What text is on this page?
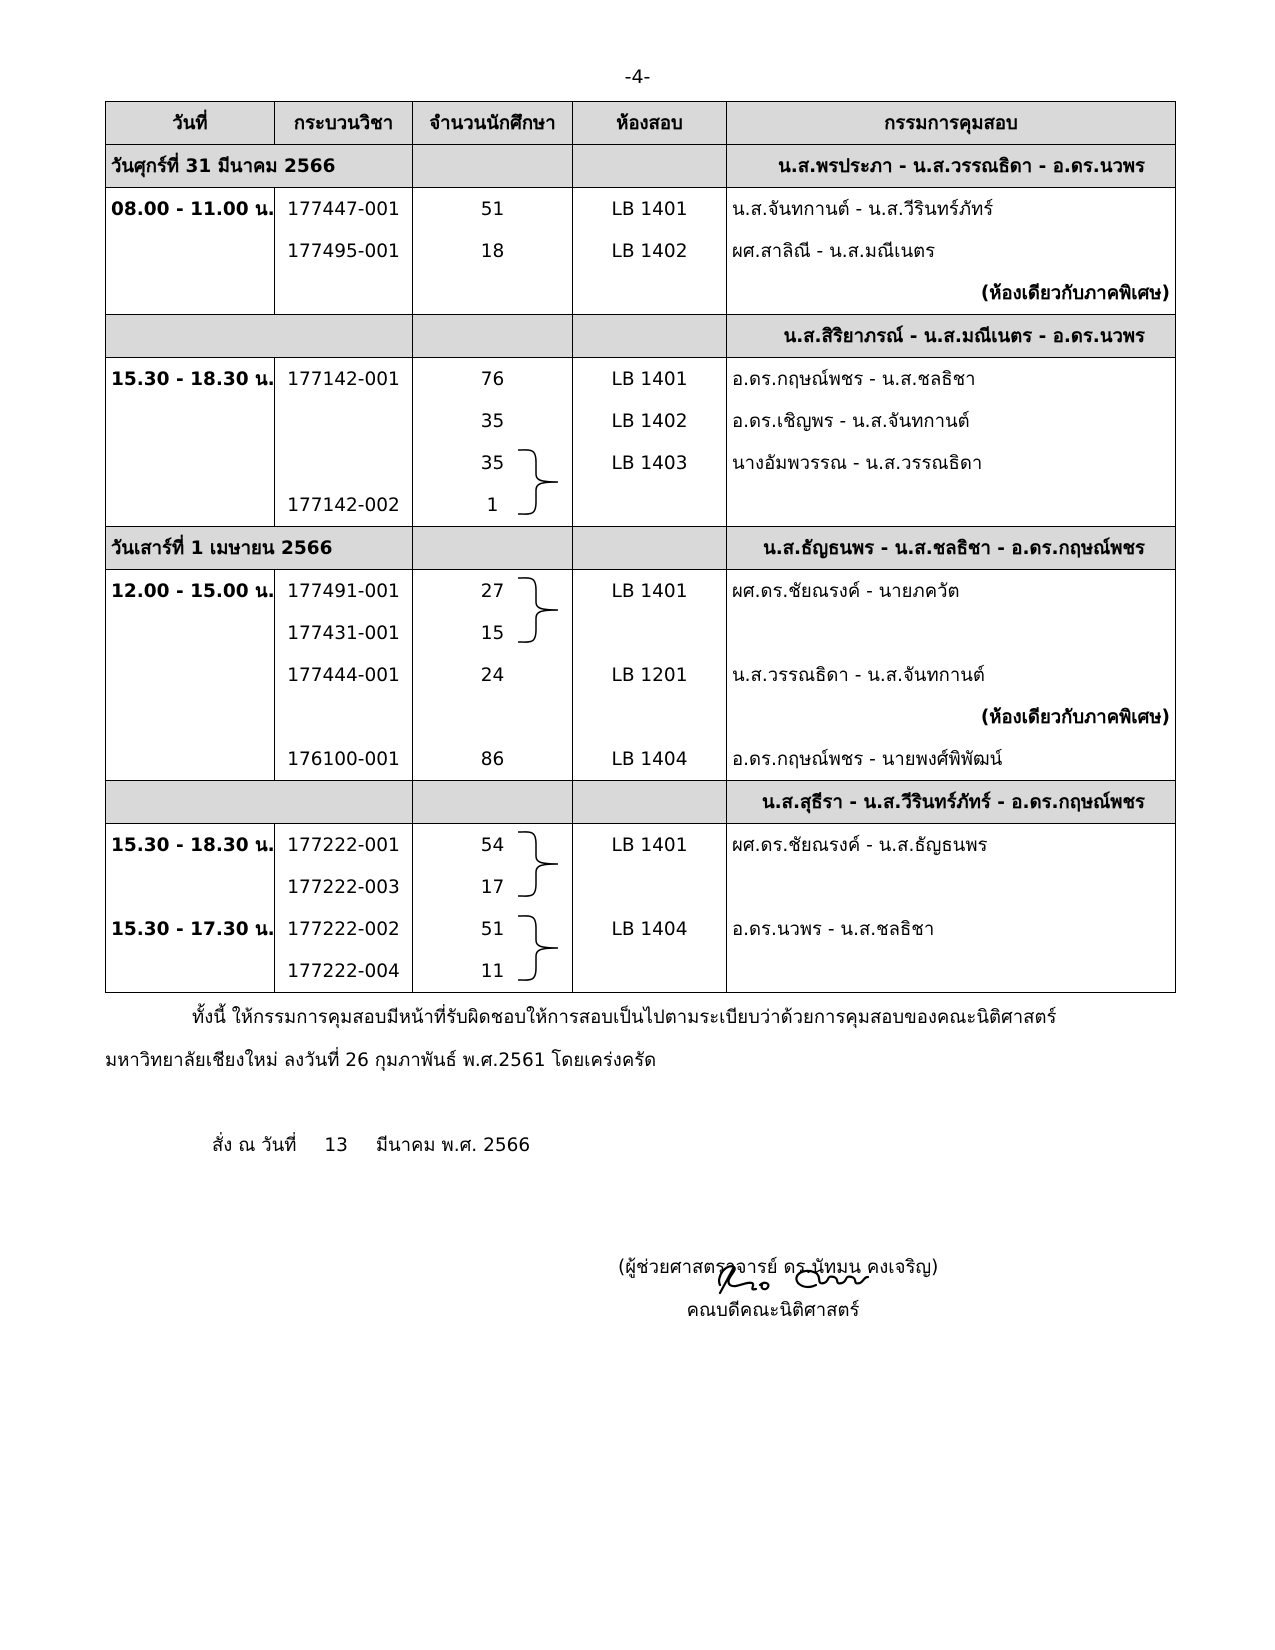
-4-
วันที่	กระบวนวิชา	จำนวนนักศึกษา	ห้องสอบ	กรรมการคุมสอบ
วันศุกร์ที่ 31 มีนาคม 2566				น.ส.พรประภา - น.ส.วรรณธิดา - อ.ดร.นวพร
08.00 - 11.00 น.	177447-001	51	LB 1401	น.ส.จันทกานต์ - น.ส.วีรินทร์ภัทร์
	177495-001	18	LB 1402	ผศ.สาลิณี - น.ส.มณีเนตร
				(ห้องเดียวกับภาคพิเศษ)
				น.ส.สิริยาภรณ์ - น.ส.มณีเนตร - อ.ดร.นวพร
15.30 - 18.30 น.	177142-001	76	LB 1401	อ.ดร.กฤษณ์พชร - น.ส.ชลธิชา
		35	LB 1402	อ.ดร.เชิญพร - น.ส.จันทกานต์
		35	LB 1403	นางอัมพวรรณ - น.ส.วรรณธิดา
	177142-002	1		
วันเสาร์ที่ 1 เมษายน 2566				น.ส.ธัญธนพร - น.ส.ชลธิชา - อ.ดร.กฤษณ์พชร
12.00 - 15.00 น.	177491-001	27	LB 1401	ผศ.ดร.ชัยณรงค์ - นายภควัต
	177431-001	15		
	177444-001	24	LB 1201	น.ส.วรรณธิดา - น.ส.จันทกานต์
				(ห้องเดียวกับภาคพิเศษ)
	176100-001	86	LB 1404	อ.ดร.กฤษณ์พชร - นายพงศ์พิพัฒน์
				น.ส.สุธีรา - น.ส.วีรินทร์ภัทร์ - อ.ดร.กฤษณ์พชร
15.30 - 18.30 น.	177222-001	54	LB 1401	ผศ.ดร.ชัยณรงค์ - น.ส.ธัญธนพร
	177222-003	17		
15.30 - 17.30 น.	177222-002	51	LB 1404	อ.ดร.นวพร - น.ส.ชลธิชา
	177222-004	11		
ทั้งนี้ ให้กรรมการคุมสอบมีหน้าที่รับผิดชอบให้การสอบเป็นไปตามระเบียบว่าด้วยการคุมสอบของคณะนิติศาสตร์
มหาวิทยาลัยเชียงใหม่ ลงวันที่ 26 กุมภาพันธ์ พ.ศ.2561 โดยเคร่งครัด
สั่ง ณ วันที่ 13 มีนาคม พ.ศ. 2566
(ผู้ช่วยศาสตราจารย์ ดร.นัทมน คงเจริญ)
คณบดีคณะนิติศาสตร์
